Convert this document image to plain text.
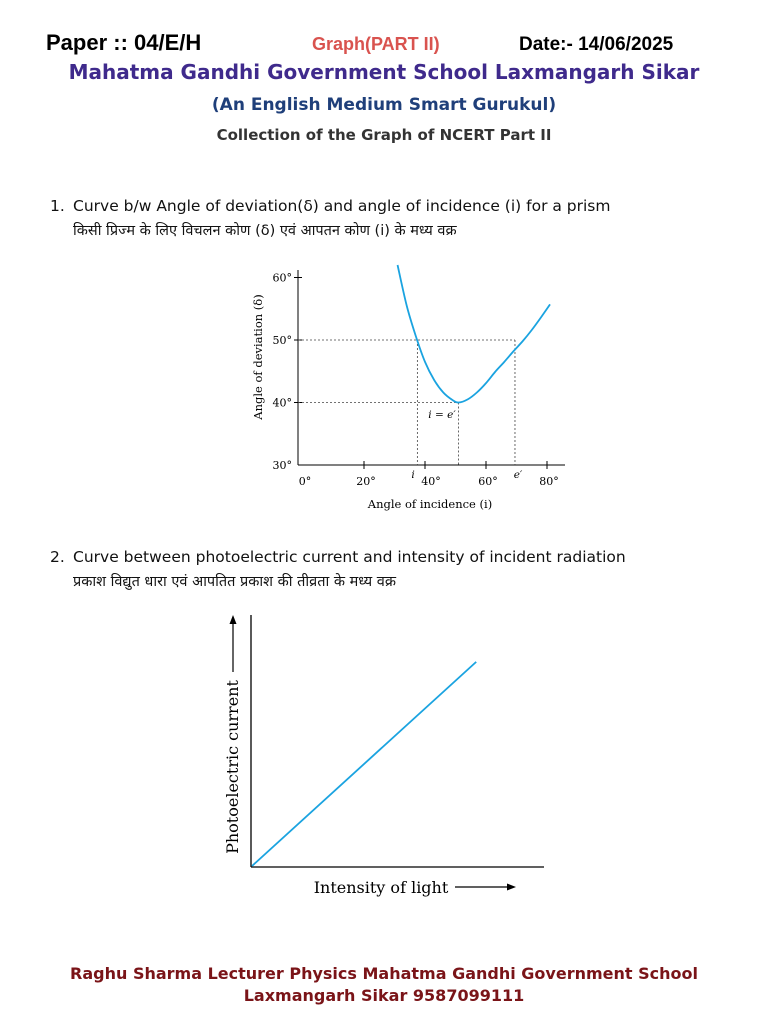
Paper :: 04/E/H	Graph(PART II)	Date:- 14/06/2025
Mahatma Gandhi Government School Laxmangarh Sikar
(An English Medium Smart Gurukul)
Collection of the Graph of NCERT Part II
1. Curve b/w Angle of deviation(δ) and angle of incidence (i) for a prism
किसी प्रिज्म के लिए विचलन कोण (δ) एवं आपतन कोण (i) के मध्य वक्र
0°	20°	40°	60°	80°
30°
40°
50°
60°
Angle of incidence (i)
Angle of deviation (δ)	i = e′
i	e′
2. Curve between photoelectric current and intensity of incident radiation
प्रकाश विद्युत धारा एवं आपतित प्रकाश की तीव्रता के मध्य वक्र
Intensity of light
Photoelectric current
Raghu Sharma Lecturer Physics Mahatma Gandhi Government School
Laxmangarh Sikar 9587099111
